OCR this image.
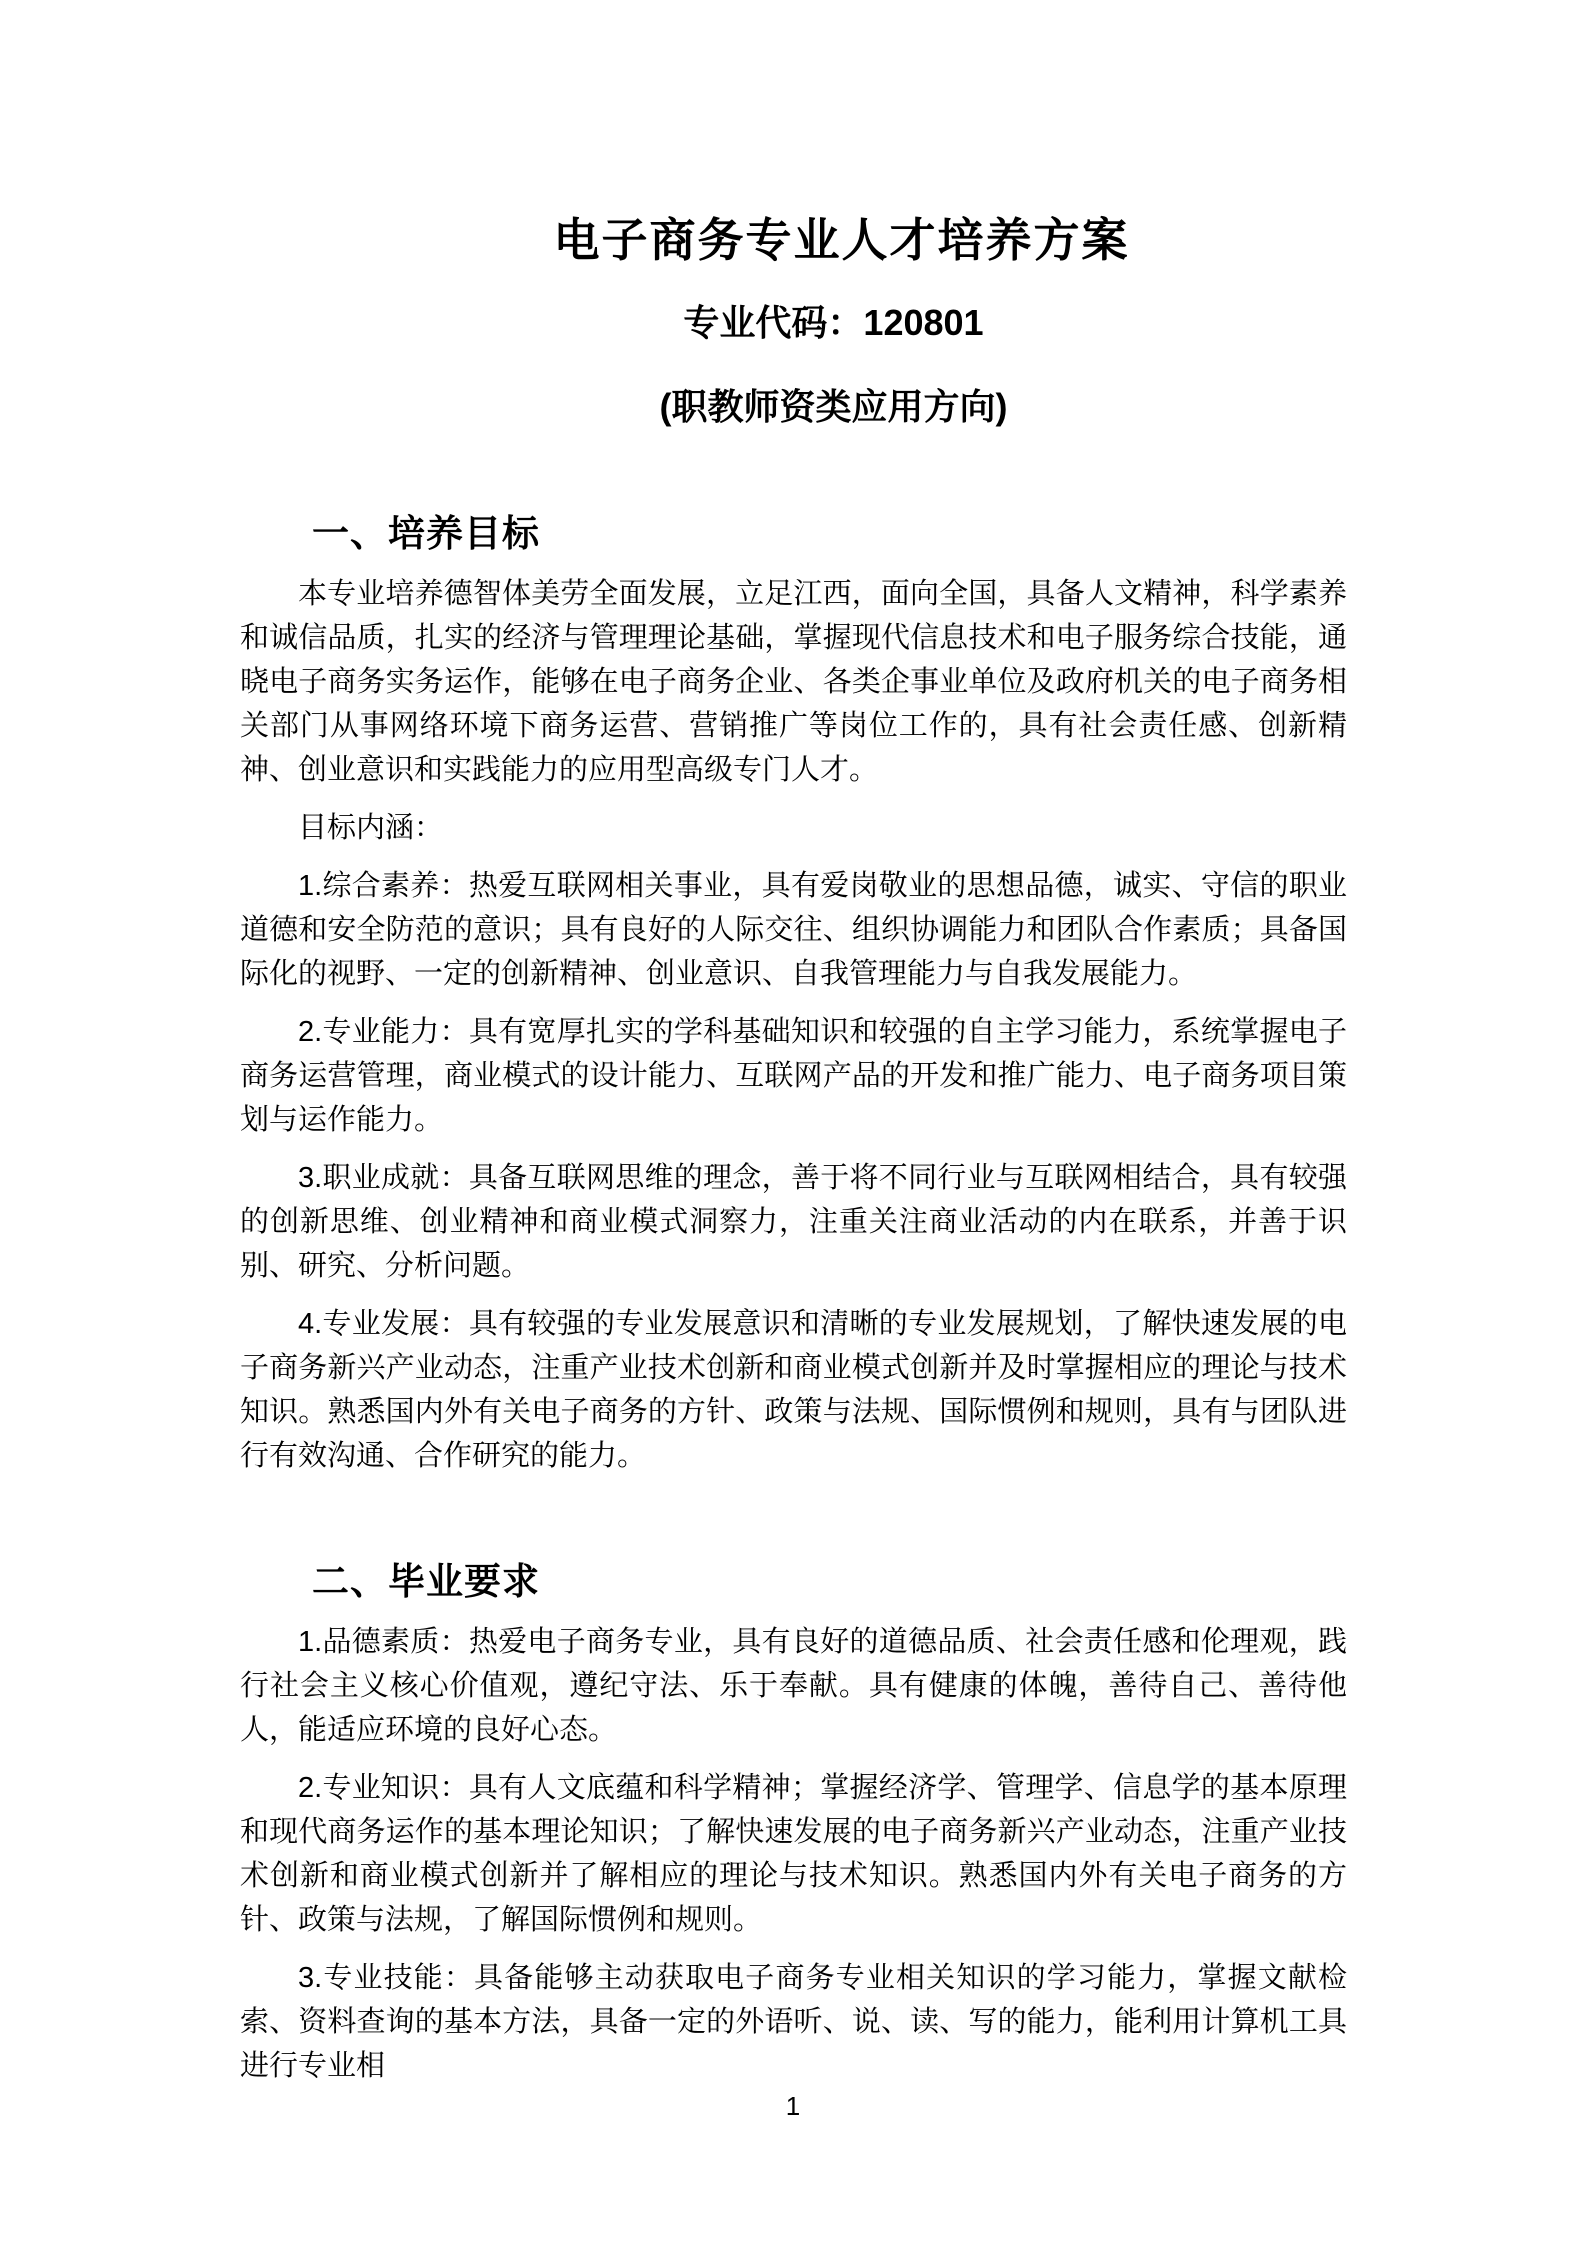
电子商务专业人才培养方案
专业代码：120801
(职教师资类应用方向)
一、培养目标

本专业培养德智体美劳全面发展，立足江西，面向全国，具备人文精神，科学素养和诚信品质，扎实的经济与管理理论基础，掌握现代信息技术和电子服务综合技能，通晓电子商务实务运作，能够在电子商务企业、各类企事业单位及政府机关的电子商务相关部门从事网络环境下商务运营、营销推广等岗位工作的，具有社会责任感、创新精神、创业意识和实践能力的应用型高级专门人才。

目标内涵：

1.综合素养：热爱互联网相关事业，具有爱岗敬业的思想品德，诚实、守信的职业道德和安全防范的意识；具有良好的人际交往、组织协调能力和团队合作素质；具备国际化的视野、一定的创新精神、创业意识、自我管理能力与自我发展能力。

2.专业能力：具有宽厚扎实的学科基础知识和较强的自主学习能力，系统掌握电子商务运营管理，商业模式的设计能力、互联网产品的开发和推广能力、电子商务项目策划与运作能力。

3.职业成就：具备互联网思维的理念，善于将不同行业与互联网相结合，具有较强的创新思维、创业精神和商业模式洞察力，注重关注商业活动的内在联系，并善于识别、研究、分析问题。

4.专业发展：具有较强的专业发展意识和清晰的专业发展规划，了解快速发展的电子商务新兴产业动态，注重产业技术创新和商业模式创新并及时掌握相应的理论与技术知识。熟悉国内外有关电子商务的方针、政策与法规、国际惯例和规则，具有与团队进行有效沟通、合作研究的能力。

二、毕业要求

1.品德素质：热爱电子商务专业，具有良好的道德品质、社会责任感和伦理观，践行社会主义核心价值观，遵纪守法、乐于奉献。具有健康的体魄，善待自己、善待他人，能适应环境的良好心态。

2.专业知识：具有人文底蕴和科学精神；掌握经济学、管理学、信息学的基本原理和现代商务运作的基本理论知识；了解快速发展的电子商务新兴产业动态，注重产业技术创新和商业模式创新并了解相应的理论与技术知识。熟悉国内外有关电子商务的方针、政策与法规，了解国际惯例和规则。

3.专业技能：具备能够主动获取电子商务专业相关知识的学习能力，掌握文献检索、资料查询的基本方法，具备一定的外语听、说、读、写的能力，能利用计算机工具进行专业相

1
